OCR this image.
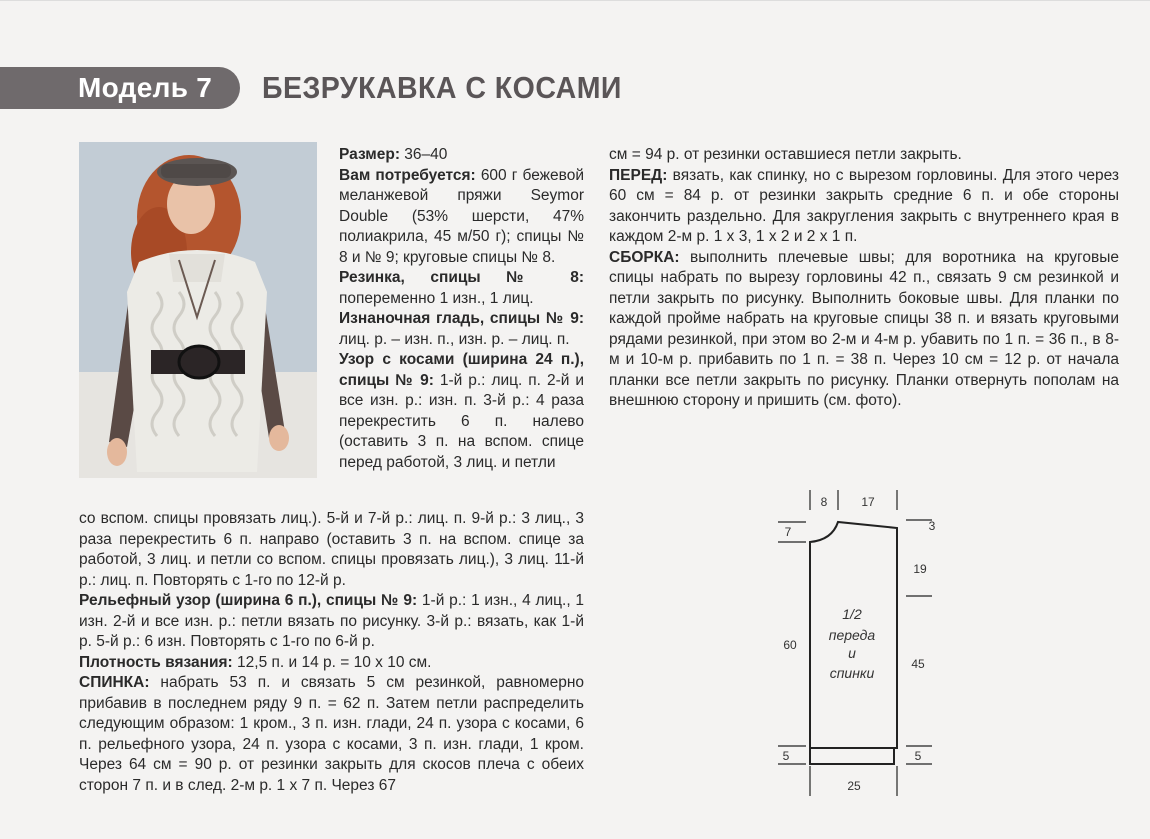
Модель 7 БЕЗРУКАВКА С КОСАМИ

Размер: 36–40

Вам потребуется: 600 г бежевой меланжевой пряжи Seymor Double (53% шерсти, 47% полиакрила, 45 м/50 г); спицы № 8 и № 9; круговые спицы № 8.

Резинка, спицы № 8: попеременно 1 изн., 1 лиц.

Изнаночная гладь, спицы № 9: лиц. р. – изн. п., изн. р. – лиц. п.

Узор с косами (ширина 24 п.), спицы № 9: 1-й р.: лиц. п. 2-й и все изн. р.: изн. п. 3-й р.: 4 раза перекрестить 6 п. налево (оставить 3 п. на вспом. спице перед работой, 3 лиц. и петли

со вспом. спицы провязать лиц.). 5-й и 7-й р.: лиц. п. 9-й р.: 3 лиц., 3 раза перекрестить 6 п. направо (оставить 3 п. на вспом. спице за работой, 3 лиц. и петли со вспом. спицы провязать лиц.), 3 лиц. 11-й р.: лиц. п. Повторять с 1-го по 12-й р.

Рельефный узор (ширина 6 п.), спицы № 9: 1-й р.: 1 изн., 4 лиц., 1 изн. 2-й и все изн. р.: петли вязать по рисунку. 3-й р.: вязать, как 1-й р. 5-й р.: 6 изн. Повторять с 1-го по 6-й р.

Плотность вязания: 12,5 п. и 14 р. = 10 х 10 см.

СПИНКА: набрать 53 п. и связать 5 см резинкой, равномерно прибавив в последнем ряду 9 п. = 62 п. Затем петли распределить следующим образом: 1 кром., 3 п. изн. глади, 24 п. узора с косами, 6 п. рельефного узора, 24 п. узора с косами, 3 п. изн. глади, 1 кром. Через 64 см = 90 р. от резинки закрыть для скосов плеча с обеих сторон 7 п. и в след. 2-м р. 1 х 7 п. Через 67

см = 94 р. от резинки оставшиеся петли закрыть.

ПЕРЕД: вязать, как спинку, но с вырезом горловины. Для этого через 60 см = 84 р. от резинки закрыть средние 6 п. и обе стороны закончить раздельно. Для закругления закрыть с внутреннего края в каждом 2-м р. 1 х 3, 1 х 2 и 2 х 1 п.

СБОРКА: выполнить плечевые швы; для воротника на круговые спицы набрать по вырезу горловины 42 п., связать 9 см резинкой и петли закрыть по рисунку. Выполнить боковые швы. Для планки по каждой пройме набрать на круговые спицы 38 п. и вязать круговыми рядами резинкой, при этом во 2-м и 4-м р. убавить по 1 п. = 36 п., в 8-м и 10-м р. прибавить по 1 п. = 38 п. Через 10 см = 12 р. от начала планки все петли закрыть по рисунку. Планки отвернуть пополам на внешнюю сторону и пришить (см. фото).

8	17
7	3
19
60
45
5	5
25
1/2
переда
и
спинки
